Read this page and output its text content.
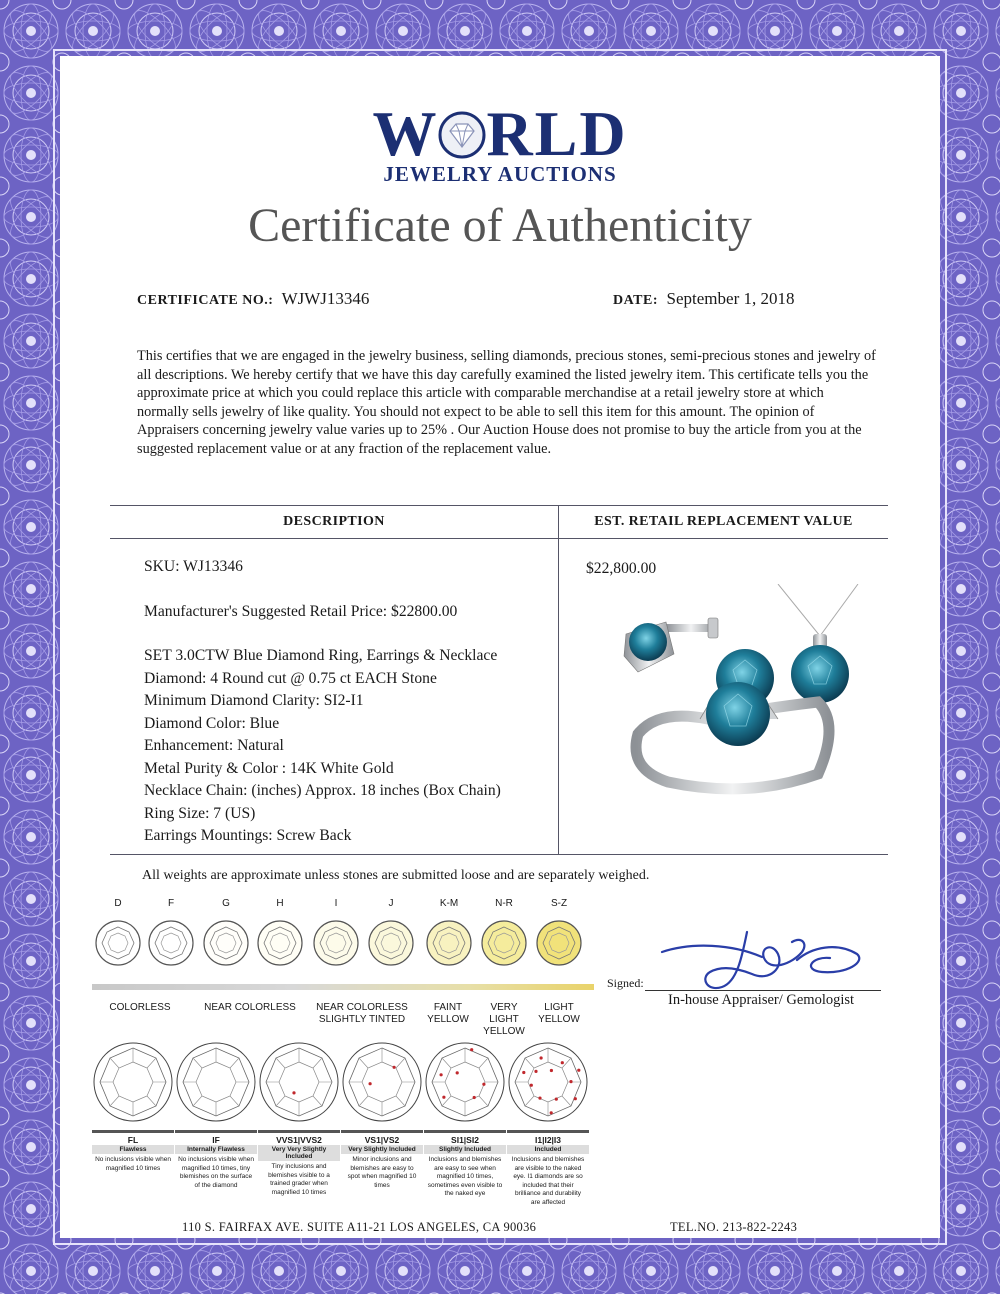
W RLD
JEWELRY AUCTIONS
Certificate of Authenticity
CERTIFICATE NO.: WJWJ13346	DATE: September 1, 2018
This certifies that we are engaged in the jewelry business, selling diamonds, precious stones, semi-precious stones and jewelry of all descriptions. We hereby certify that we have this day carefully examined the listed jewelry item. This certificate tells you the approximate price at which you could replace this article with comparable merchandise at a retail jewelry store at which normally sells jewelry of like quality. You should not expect to be able to sell this item for this amount. The opinion of Appraisers concerning jewelry value varies up to 25% . Our Auction House does not promise to buy the article from you at the suggested replacement value or at any fraction of the replacement value.
DESCRIPTION	EST. RETAIL REPLACEMENT VALUE
SKU: WJ13346
Manufacturer's Suggested Retail Price: $22800.00
SET 3.0CTW Blue Diamond Ring, Earrings & Necklace
Diamond: 4 Round cut @ 0.75 ct EACH Stone
Minimum Diamond Clarity: SI2-I1
Diamond Color: Blue
Enhancement: Natural
Metal Purity & Color : 14K White Gold
Necklace Chain: (inches) Approx. 18 inches (Box Chain)
Ring Size: 7 (US)
Earrings Mountings: Screw Back
$22,800.00
All weights are approximate unless stones are submitted loose and are separately weighed.
D	F	G	H	I	J	K-M	N-R	S-Z
COLORLESS	NEAR COLORLESS	NEAR COLORLESS
SLIGHTLY TINTED
FAINT
YELLOW
VERY LIGHT
YELLOW
LIGHT
YELLOW
FL
Flawless
No inclusions visible when magnified 10 times
IF
Internally Flawless
No inclusions visible when magnified 10 times, tiny blemishes on the surface of the diamond
VVS1|VVS2
Very Very Slightly Included
Tiny inclusions and blemishes visible to a trained grader when magnified 10 times
VS1|VS2
Very Slightly Included
Minor inclusions and blemishes are easy to spot when magnified 10 times
SI1|SI2
Slightly Included
Inclusions and blemishes are easy to see when magnified 10 times, sometimes even visible to the naked eye
I1|I2|I3
Included
Inclusions and blemishes are visible to the naked eye. I1 diamonds are so included that their brilliance and durability are affected
Signed:
In-house Appraiser/ Gemologist
110 S. FAIRFAX AVE. SUITE A11-21 LOS ANGELES, CA 90036	TEL.NO. 213-822-2243
